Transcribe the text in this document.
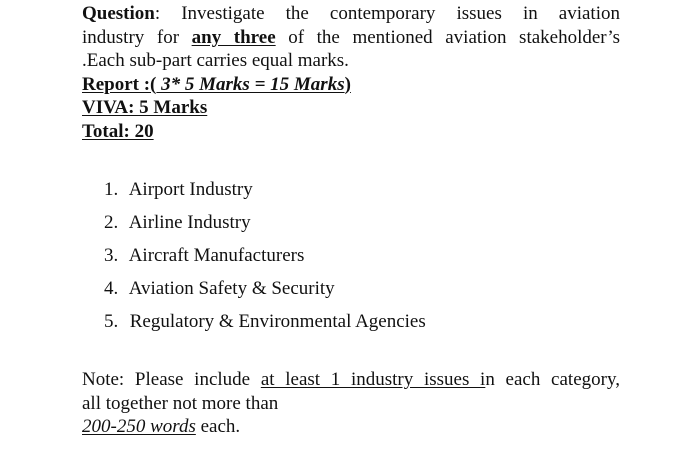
Question: Investigate the contemporary issues in aviation
industry for any three of the mentioned aviation stakeholder’s
.Each sub-part carries equal marks.
Report :( 3* 5 Marks = 15 Marks)
VIVA: 5 Marks
Total: 20
1. Airport Industry
2. Airline Industry
3. Aircraft Manufacturers
4. Aviation Safety & Security
5. Regulatory & Environmental Agencies
Note: Please include at least 1 industry issues in each category,
all together not more than
200-250 words each.
